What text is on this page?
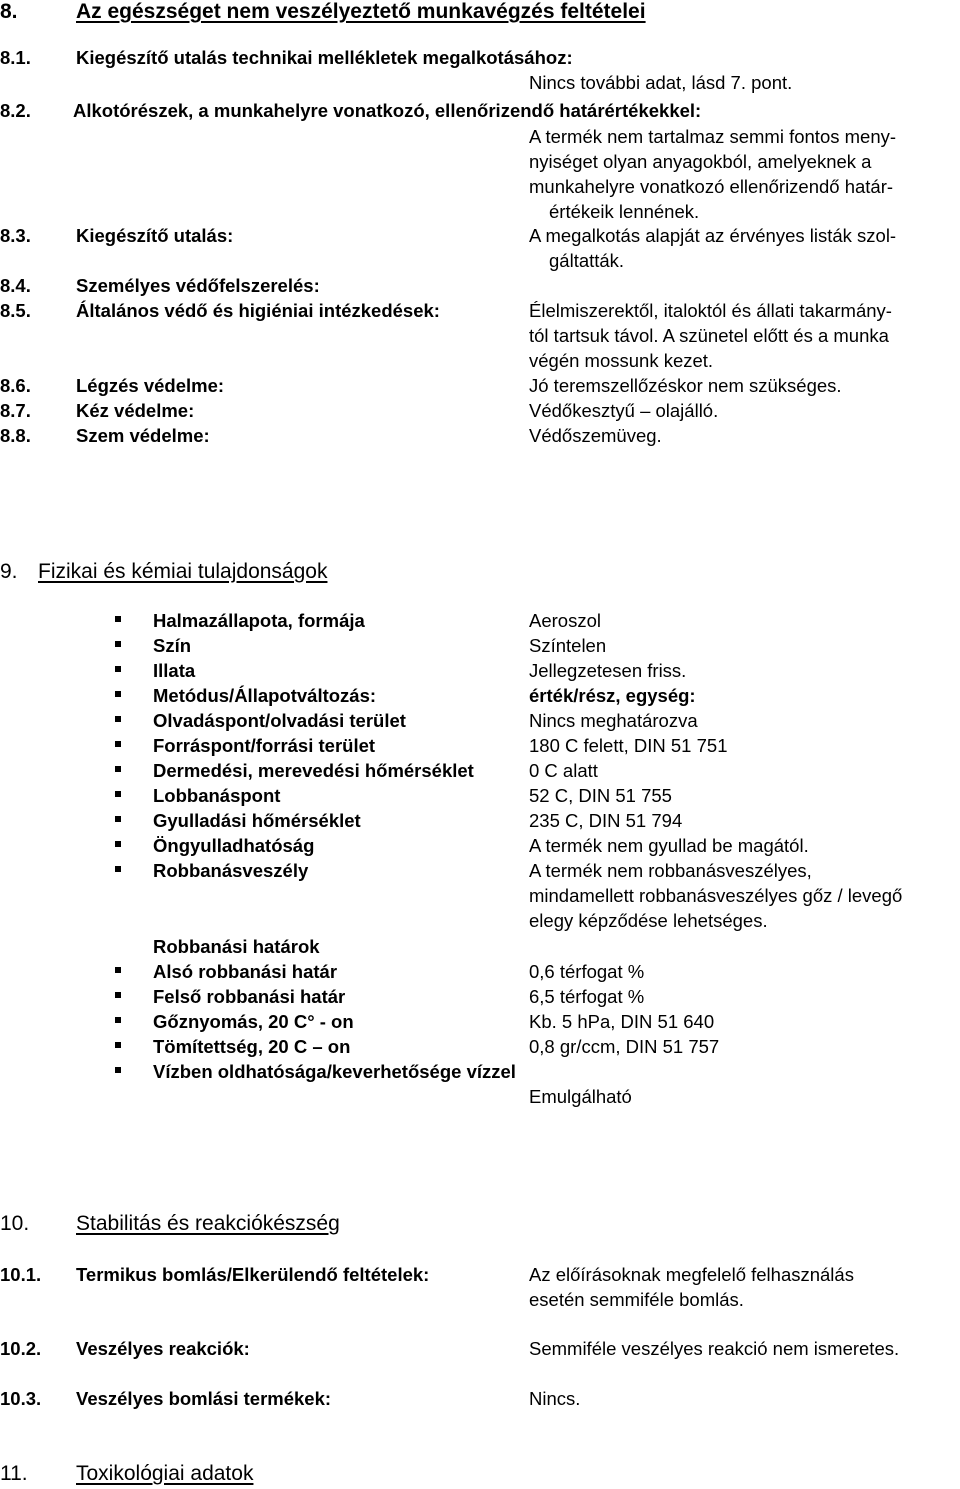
8.	Az egészséget nem veszélyeztető munkavégzés feltételei
8.1. Kiegészítő utalás technikai mellékletek megalkotásához:
Nincs további adat, lásd 7. pont.
8.2. Alkotórészek, a munkahelyre vonatkozó, ellenőrizendő határértékekkel:
A termék nem tartalmaz semmi fontos meny-
nyiséget olyan anyagokból, amelyeknek a
munkahelyre vonatkozó ellenőrizendő határ-
értékeik lennének.
8.3. Kiegészítő utalás:	A megalkotás alapját az érvényes listák szol-
gáltatták.
8.4. Személyes védőfelszerelés:
8.5. Általános védő és higiéniai intézkedések:	Élelmiszerektől, italoktól és állati takarmány-
tól tartsuk távol. A szünetel előtt és a munka
végén mossunk kezet.
8.6. Légzés védelme:	Jó teremszellőzéskor nem szükséges.
8.7. Kéz védelme:	Védőkesztyű – olajálló.
8.8. Szem védelme:	Védőszemüveg.
9. Fizikai és kémiai tulajdonságok
Halmazállapota, formája	Aeroszol
Szín	Színtelen
Illata	Jellegzetesen friss.
Metódus/Állapotváltozás:	érték/rész, egység:
Olvadáspont/olvadási terület	Nincs meghatározva
Forráspont/forrási terület	180 C felett, DIN 51 751
Dermedési, merevedési hőmérséklet	0 C alatt
Lobbanáspont	52 C, DIN 51 755
Gyulladási hőmérséklet	235 C, DIN 51 794
Öngyulladhatóság	A termék nem gyullad be magától.
Robbanásveszély	A termék nem robbanásveszélyes,
mindamellett robbanásveszélyes gőz / levegő
elegy képződése lehetséges.
Robbanási határok
Alsó robbanási határ	0,6 térfogat %
Felső robbanási határ	6,5 térfogat %
Gőznyomás, 20 C° - on	Kb. 5 hPa, DIN 51 640
Tömítettség, 20 C – on	0,8 gr/ccm, DIN 51 757
Vízben oldhatósága/keverhetősége vízzel
Emulgálható
10. Stabilitás és reakciókészség
10.1. Termikus bomlás/Elkerülendő feltételek:	Az előírásoknak megfelelő felhasználás
esetén semmiféle bomlás.
10.2. Veszélyes reakciók:	Semmiféle veszélyes reakció nem ismeretes.
10.3. Veszélyes bomlási termékek:	Nincs.
11. Toxikológiai adatok
